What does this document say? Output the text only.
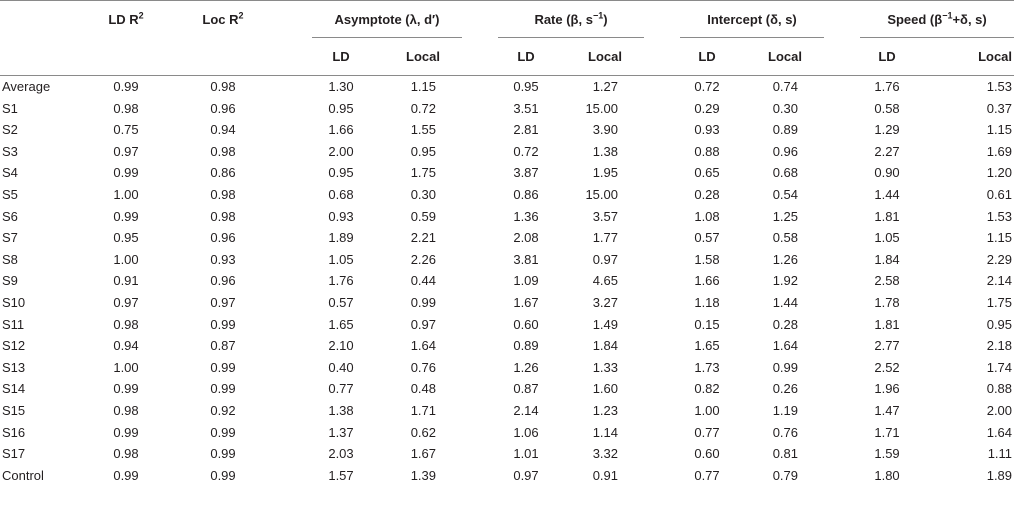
	LD $R^2$	Loc $R^2$		Asymptote (λ, d′)			Rate (β, $s^{-1}$)			Intercept (δ, s)			Speed ($\beta^{-1}+\delta$, s)	
				LD	Local		LD	Local		LD	Local		LD	Local
Average	0.99	0.98		1.30	1.15		0.95	1.27		0.72	0.74		1.76	1.53
S1	0.98	0.96		0.95	0.72		3.51	15.00		0.29	0.30		0.58	0.37
S2	0.75	0.94		1.66	1.55		2.81	3.90		0.93	0.89		1.29	1.15
S3	0.97	0.98		2.00	0.95		0.72	1.38		0.88	0.96		2.27	1.69
S4	0.99	0.86		0.95	1.75		3.87	1.95		0.65	0.68		0.90	1.20
S5	1.00	0.98		0.68	0.30		0.86	15.00		0.28	0.54		1.44	0.61
S6	0.99	0.98		0.93	0.59		1.36	3.57		1.08	1.25		1.81	1.53
S7	0.95	0.96		1.89	2.21		2.08	1.77		0.57	0.58		1.05	1.15
S8	1.00	0.93		1.05	2.26		3.81	0.97		1.58	1.26		1.84	2.29
S9	0.91	0.96		1.76	0.44		1.09	4.65		1.66	1.92		2.58	2.14
S10	0.97	0.97		0.57	0.99		1.67	3.27		1.18	1.44		1.78	1.75
S11	0.98	0.99		1.65	0.97		0.60	1.49		0.15	0.28		1.81	0.95
S12	0.94	0.87		2.10	1.64		0.89	1.84		1.65	1.64		2.77	2.18
S13	1.00	0.99		0.40	0.76		1.26	1.33		1.73	0.99		2.52	1.74
S14	0.99	0.99		0.77	0.48		0.87	1.60		0.82	0.26		1.96	0.88
S15	0.98	0.92		1.38	1.71		2.14	1.23		1.00	1.19		1.47	2.00
S16	0.99	0.99		1.37	0.62		1.06	1.14		0.77	0.76		1.71	1.64
S17	0.98	0.99		2.03	1.67		1.01	3.32		0.60	0.81		1.59	1.11
Control	0.99	0.99		1.57	1.39		0.97	0.91		0.77	0.79		1.80	1.89
